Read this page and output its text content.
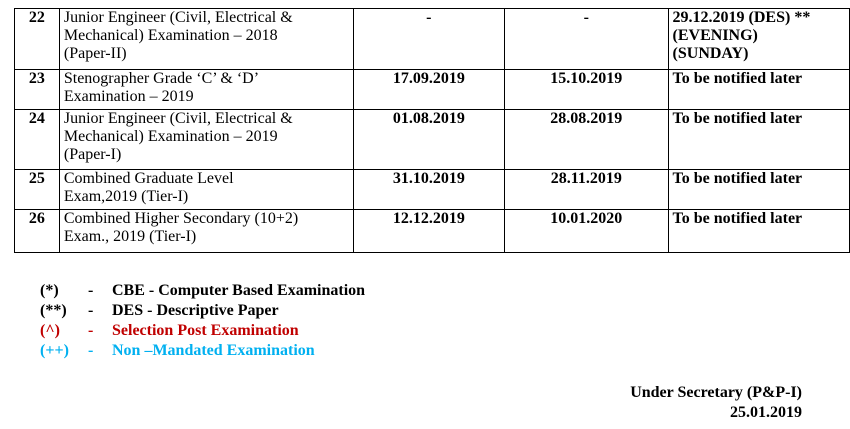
22	Junior Engineer (Civil, Electrical &
Mechanical) Examination – 2018
(Paper-II)	-	-	29.12.2019 (DES) **
(EVENING)
(SUNDAY)
23	Stenographer Grade ‘C’ & ‘D’
Examination – 2019	17.09.2019	15.10.2019	To be notified later
24	Junior Engineer (Civil, Electrical &
Mechanical) Examination – 2019
(Paper-I)	01.08.2019	28.08.2019	To be notified later
25	Combined Graduate Level
Exam,2019 (Tier-I)	31.10.2019	28.11.2019	To be notified later
26	Combined Higher Secondary (10+2)
Exam., 2019 (Tier-I)	12.12.2019	10.01.2020	To be notified later
(*) - CBE - Computer Based Examination
(**) - DES - Descriptive Paper
(^) - Selection Post Examination
(++) - Non –Mandated Examination
Under Secretary (P&P-I)
25.01.2019
